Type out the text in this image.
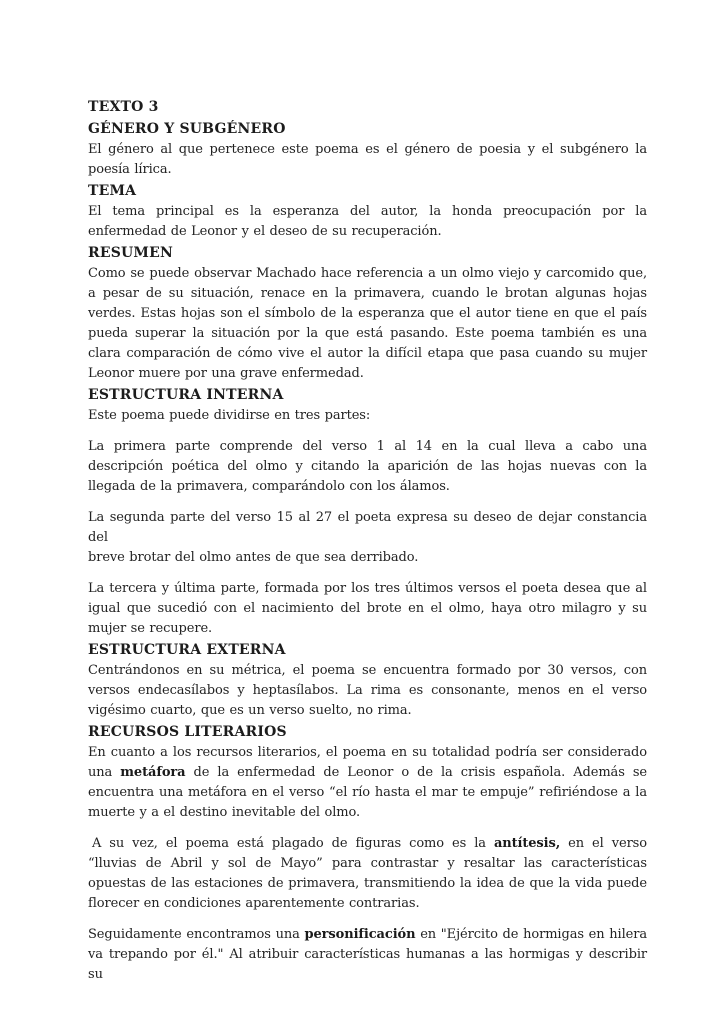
TEXTO 3
GÉNERO Y SUBGÉNERO

El género al que pertenece este poema es el género de poesia y el subgénero la poesía lírica.

TEMA

El tema principal es la esperanza del autor, la honda preocupación por la enfermedad de Leonor y el deseo de su recuperación.

RESUMEN

Como se puede observar Machado hace referencia a un olmo viejo y carcomido que, a pesar de su situación, renace en la primavera, cuando le brotan algunas hojas verdes. Estas hojas son el símbolo de la esperanza que el autor tiene en que el país pueda superar la situación por la que está pasando. Este poema también es una clara comparación de cómo vive el autor la difícil etapa que pasa cuando su mujer Leonor muere por una grave enfermedad.

ESTRUCTURA INTERNA

Este poema puede dividirse en tres partes:

La primera parte comprende del verso 1 al 14 en la cual lleva a cabo una descripción poética del olmo y citando la aparición de las hojas nuevas con la llegada de la primavera, comparándolo con los álamos.

La segunda parte del verso 15 al 27 el poeta expresa su deseo de dejar constancia del
breve brotar del olmo antes de que sea derribado.

La tercera y última parte, formada por los tres últimos versos el poeta desea que al igual que sucedió con el nacimiento del brote en el olmo, haya otro milagro y su mujer se recupere.

ESTRUCTURA EXTERNA

Centrándonos en su métrica, el poema se encuentra formado por 30 versos, con versos endecasílabos y heptasílabos. La rima es consonante, menos en el verso vigésimo cuarto, que es un verso suelto, no rima.

RECURSOS LITERARIOS

En cuanto a los recursos literarios, el poema en su totalidad podría ser considerado una metáfora de la enfermedad de Leonor o de la crisis española. Además se encuentra una metáfora en el verso “el río hasta el mar te empuje” refiriéndose a la muerte y a el destino inevitable del olmo.

A su vez, el poema está plagado de figuras como es la antítesis, en el verso “lluvias de Abril y sol de Mayo” para contrastar y resaltar las características opuestas de las estaciones de primavera, transmitiendo la idea de que la vida puede florecer en condiciones aparentemente contrarias.

Seguidamente encontramos una personificación en "Ejército de hormigas en hilera va trepando por él." Al atribuir características humanas a las hormigas y describir su
